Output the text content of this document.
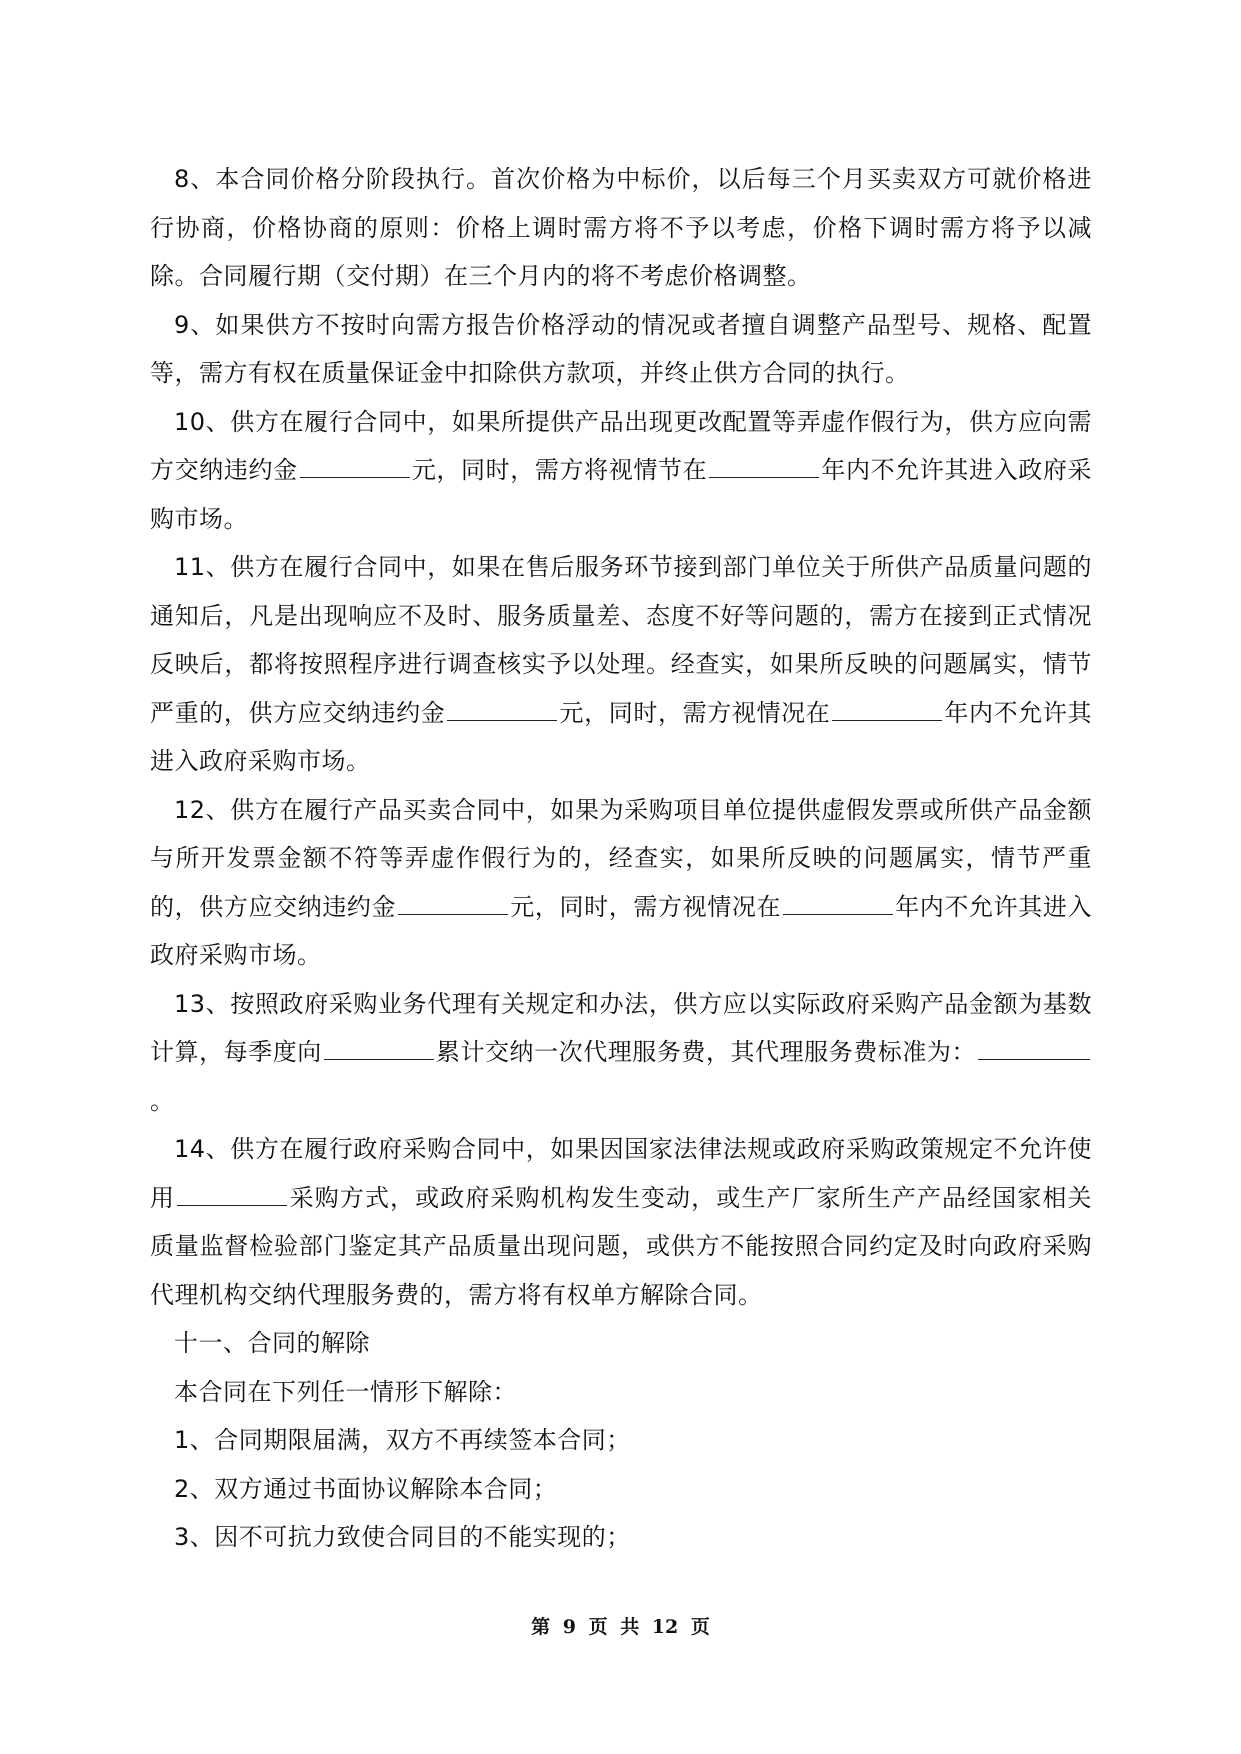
8、本合同价格分阶段执行。首次价格为中标价，以后每三个月买卖双方可就价格进行协商，价格协商的原则：价格上调时需方将不予以考虑，价格下调时需方将予以减除。合同履行期（交付期）在三个月内的将不考虑价格调整。

9、如果供方不按时向需方报告价格浮动的情况或者擅自调整产品型号、规格、配置等，需方有权在质量保证金中扣除供方款项，并终止供方合同的执行。

10、供方在履行合同中，如果所提供产品出现更改配置等弄虚作假行为，供方应向需方交纳违约金	元，同时，需方将视情节在	年内不允许其进入政府采购市场。

11、供方在履行合同中，如果在售后服务环节接到部门单位关于所供产品质量问题的通知后，凡是出现响应不及时、服务质量差、态度不好等问题的，需方在接到正式情况反映后，都将按照程序进行调查核实予以处理。经查实，如果所反映的问题属实，情节严重的，供方应交纳违约金	元，同时，需方视情况在	年内不允许其进入政府采购市场。

12、供方在履行产品买卖合同中，如果为采购项目单位提供虚假发票或所供产品金额与所开发票金额不符等弄虚作假行为的，经查实，如果所反映的问题属实，情节严重的，供方应交纳违约金	元，同时，需方视情况在	年内不允许其进入政府采购市场。

13、按照政府采购业务代理有关规定和办法，供方应以实际政府采购产品金额为基数计算，每季度向	累计交纳一次代理服务费，其代理服务费标准为：。

14、供方在履行政府采购合同中，如果因国家法律法规或政府采购政策规定不允许使用	采购方式，或政府采购机构发生变动，或生产厂家所生产产品经国家相关质量监督检验部门鉴定其产品质量出现问题，或供方不能按照合同约定及时向政府采购代理机构交纳代理服务费的，需方将有权单方解除合同。

十一、合同的解除

本合同在下列任一情形下解除：

1、合同期限届满，双方不再续签本合同；

2、双方通过书面协议解除本合同；

3、因不可抗力致使合同目的不能实现的；

第 9 页 共 12 页
